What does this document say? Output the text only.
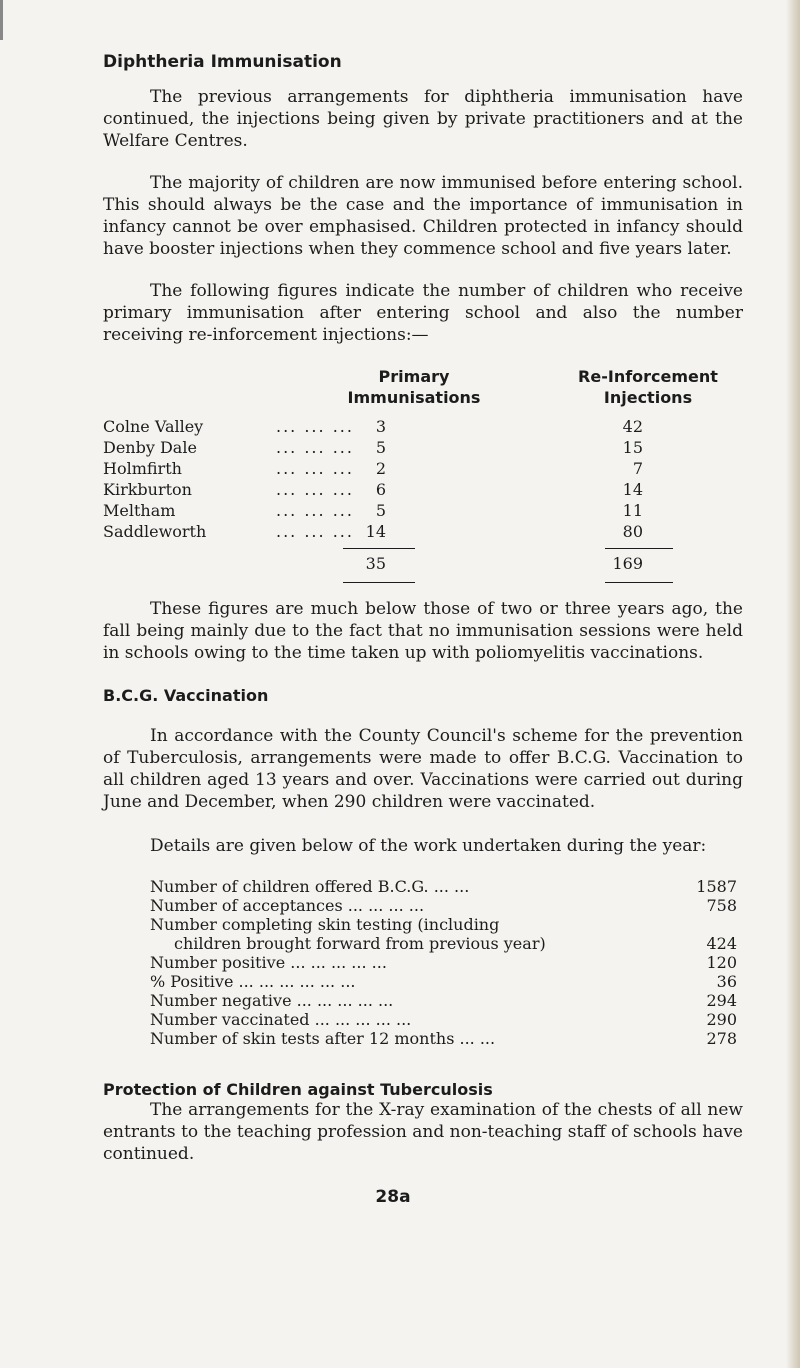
Diphtheria Immunisation

The previous arrangements for diphtheria immunisation have continued, the injections being given by private practitioners and at the Welfare Centres.

The majority of children are now immunised before entering school. This should always be the case and the importance of immunisation in infancy cannot be over emphasised. Children protected in infancy should have booster injections when they commence school and five years later.

The following figures indicate the number of children who receive primary immunisation after entering school and also the number receiving re-inforcement injections:—

Primary
Immunisations
Re-Inforcement
Injections
Colne Valley	... ... ...	3	42
Denby Dale	... ... ...	5	15
Holmfirth	... ... ...	2	7
Kirkburton	... ... ...	6	14
Meltham	... ... ...	5	11
Saddleworth	... ... ... 14	80
35	169

These figures are much below those of two or three years ago, the fall being mainly due to the fact that no immunisation sessions were held in schools owing to the time taken up with poliomyelitis vaccinations.

B.C.G. Vaccination

In accordance with the County Council's scheme for the prevention of Tuberculosis, arrangements were made to offer B.C.G. Vaccination to all children aged 13 years and over. Vaccinations were carried out during June and December, when 290 children were vaccinated.

Details are given below of the work undertaken during the year:

Number of children offered B.C.G. ... ...	1587
Number of acceptances ... ... ... ...	758
Number completing skin testing (including
children brought forward from previous year)	424
Number positive ... ... ... ... ...	120
% Positive ... ... ... ... ... ...	36
Number negative ... ... ... ... ...	294
Number vaccinated ... ... ... ... ...	290
Number of skin tests after 12 months ... ...	278
Protection of Children against Tuberculosis

The arrangements for the X-ray examination of the chests of all new entrants to the teaching profession and non-teaching staff of schools have continued.

28a
